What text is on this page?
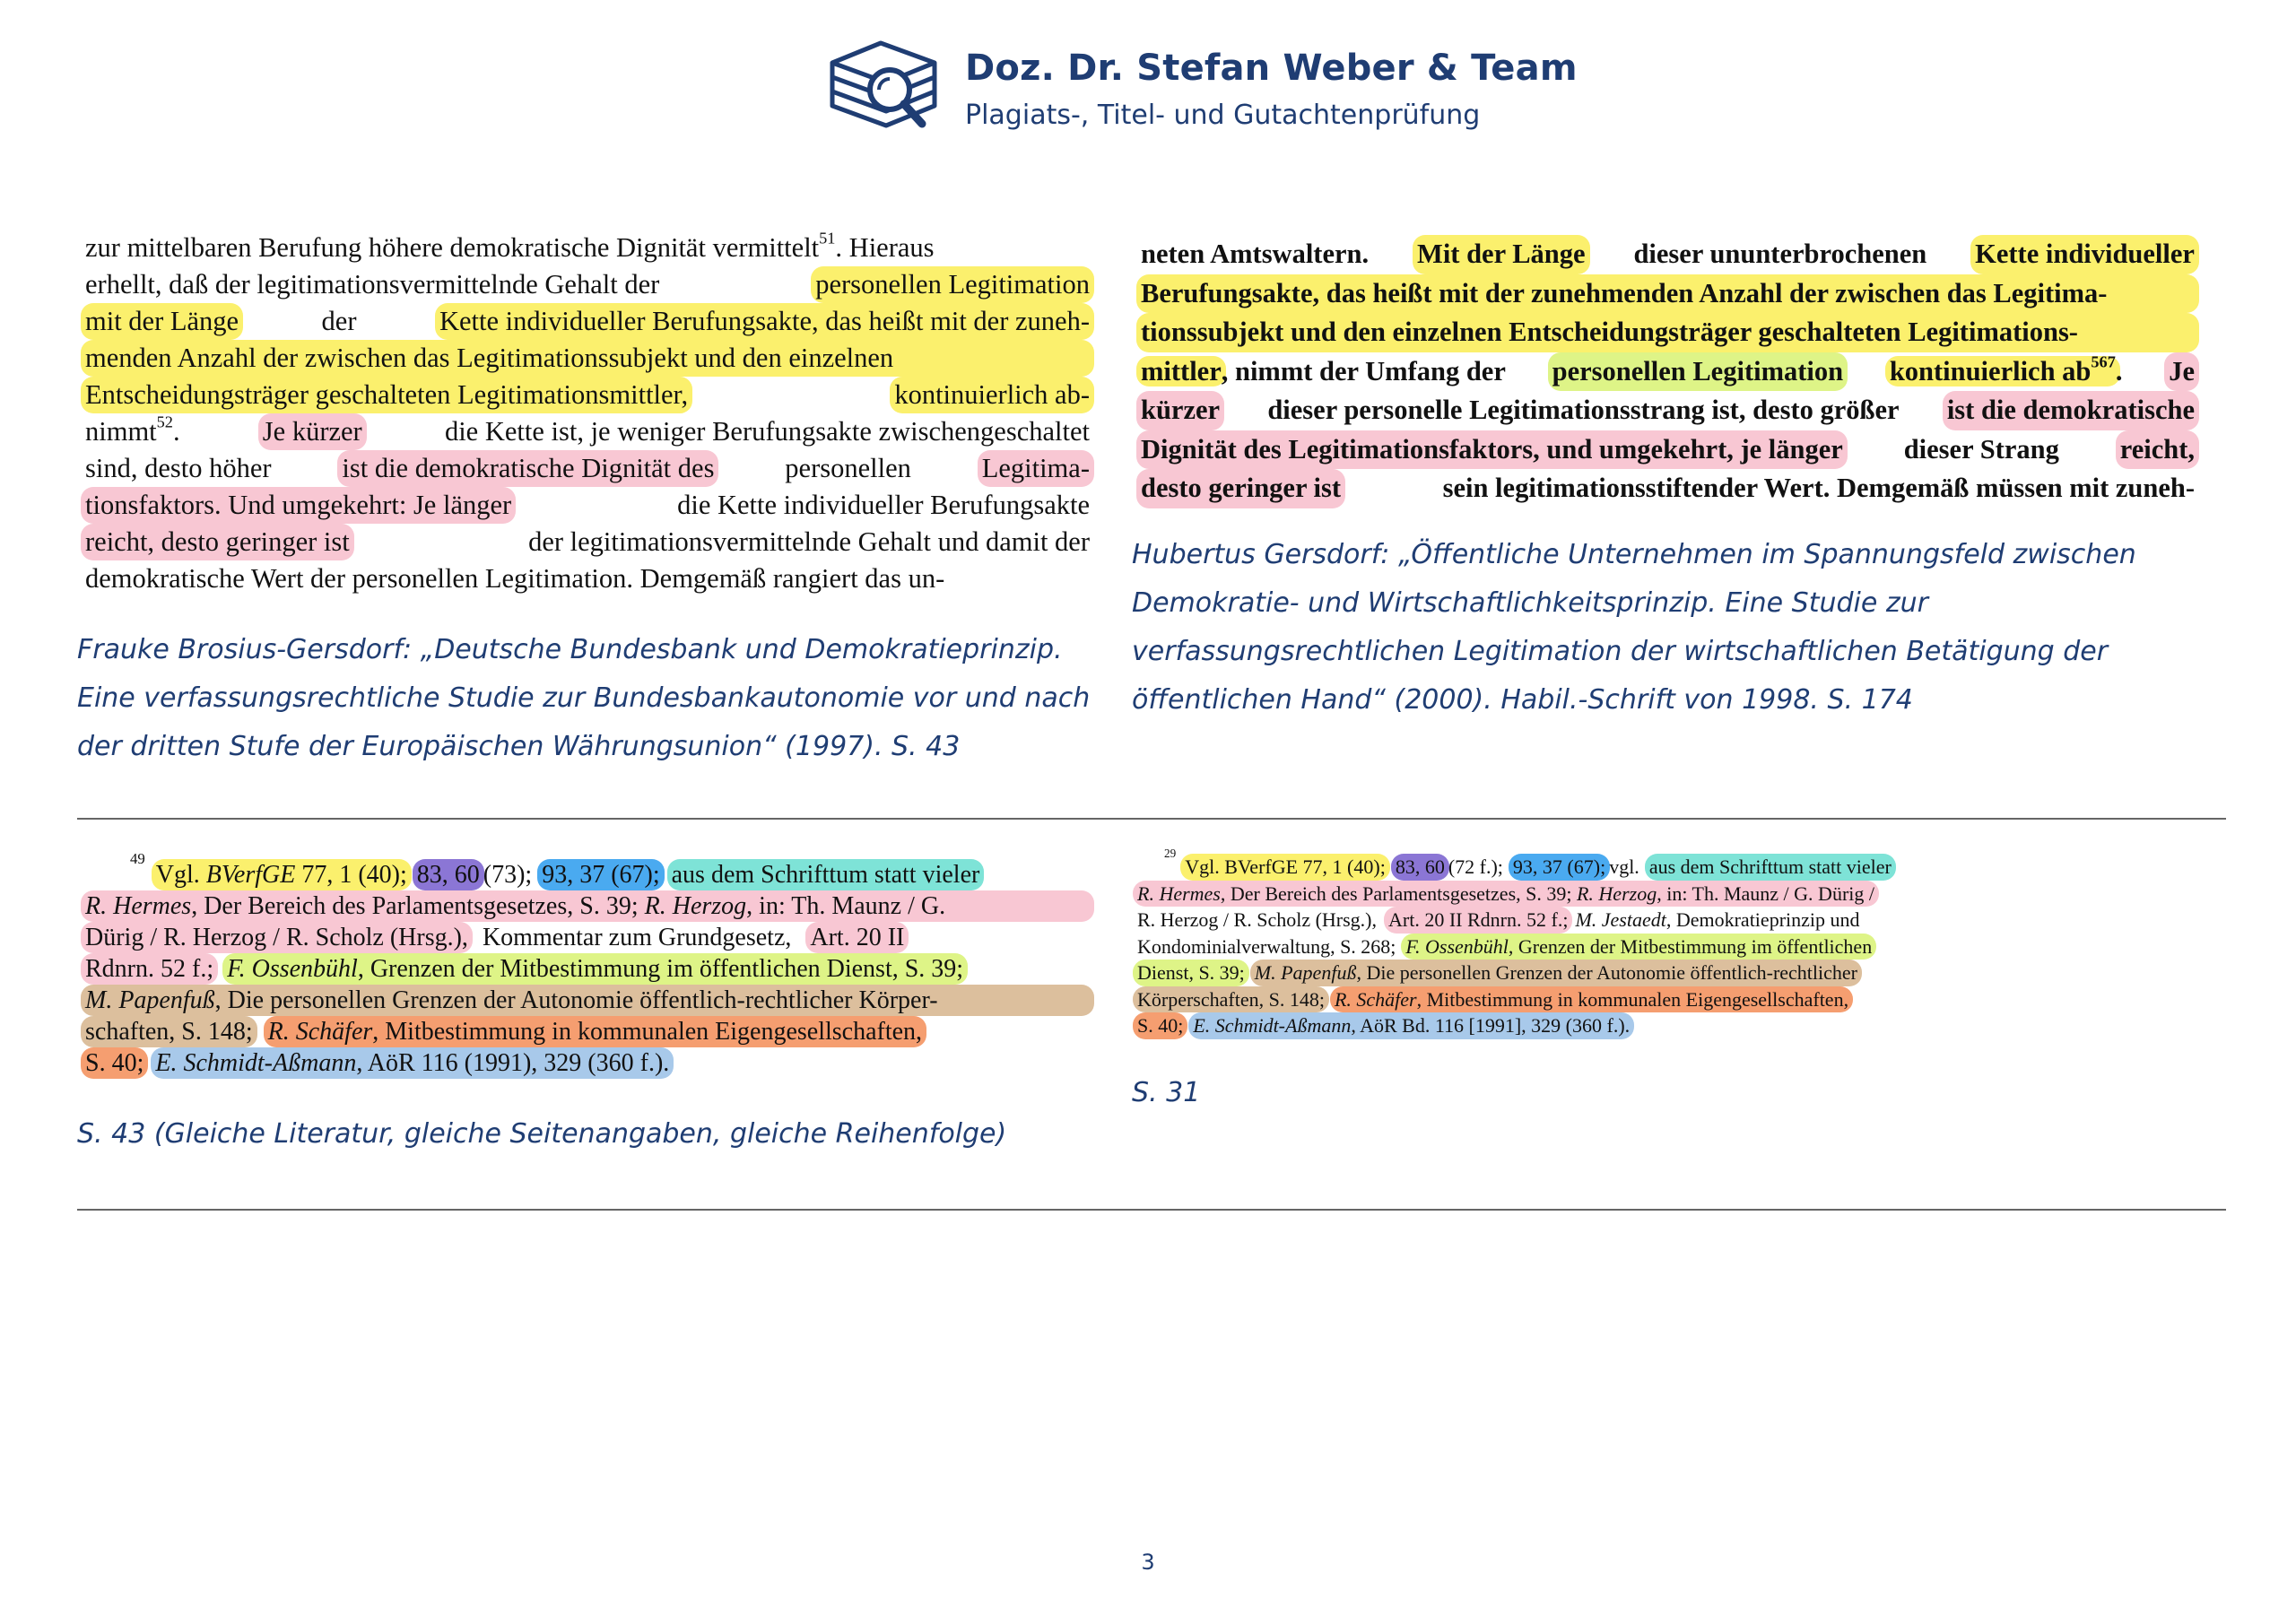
Doz. Dr. Stefan Weber & Team
Plagiats-, Titel- und Gutachtenprüfung
zur mittelbaren Berufung höhere demokratische Dignität vermittelt$^{51}$. Hieraus
erhellt, daß der legitimationsvermittelnde Gehalt der	personellen Legitimation
mit der Länge	der	Kette individueller Berufungsakte, das heißt mit der zuneh-
menden Anzahl der zwischen das Legitimationssubjekt und den einzelnen
Entscheidungsträger geschalteten Legitimationsmittler,	kontinuierlich ab-
nimmt$^{52}$.	Je kürzer	die Kette ist, je weniger Berufungsakte zwischengeschaltet
sind, desto höher	ist die demokratische Dignität des	personellen	Legitima-
tionsfaktors. Und umgekehrt: Je länger	die Kette individueller Berufungsakte
reicht, desto geringer ist	der legitimationsvermittelnde Gehalt und damit der
demokratische Wert der personellen Legitimation. Demgemäß rangiert das un-
neten Amtswaltern. Mit der Länge dieser ununterbrochenen Kette individueller
Berufungsakte, das heißt mit der zunehmenden Anzahl der zwischen das Legitima-
tionssubjekt und den einzelnen Entscheidungsträger geschalteten Legitimations-
mittler, nimmt der Umfang der personellen Legitimation kontinuierlich $ab^{567}$. Je
kürzer dieser personelle Legitimationsstrang ist, desto größer ist die demokratische
Dignität des Legitimationsfaktors, und umgekehrt, je länger dieser Strang reicht,
desto geringer ist	sein legitimationsstiftender Wert. Demgemäß müssen mit zuneh-
Frauke Brosius-Gersdorf: „Deutsche Bundesbank und Demokratieprinzip.
Eine verfassungsrechtliche Studie zur Bundesbankautonomie vor und nach
der dritten Stufe der Europäischen Währungsunion“ (1997). S. 43
Hubertus Gersdorf: „Öffentliche Unternehmen im Spannungsfeld zwischen
Demokratie- und Wirtschaftlichkeitsprinzip. Eine Studie zur
verfassungsrechtlichen Legitimation der wirtschaftlichen Betätigung der
öffentlichen Hand“ (2000). Habil.-Schrift von 1998. S. 174
49
Vgl. BVerfGE 77, 1 (40); 83, 60 (73); 93, 37 (67); aus dem Schrifttum statt vieler
R. Hermes, Der Bereich des Parlamentsgesetzes, S. 39; R. Herzog, in: Th. Maunz / G.
Dürig / R. Herzog / R. Scholz (Hrsg.), Kommentar zum Grundgesetz, Art. 20 II
Rdnrn. 52 f.; F. Ossenbühl, Grenzen der Mitbestimmung im öffentlichen Dienst, S. 39;
M. Papenfuß, Die personellen Grenzen der Autonomie öffentlich-rechtlicher Körper-
schaften, S. 148; R. Schäfer, Mitbestimmung in kommunalen Eigengesellschaften,
S. 40; E. Schmidt-Aßmann, AöR 116 (1991), 329 (360 f.).
29
Vgl. BVerfGE 77, 1 (40); 83, 60 (72 f.); 93, 37 (67); vgl. aus dem Schrifttum statt vieler
R. Hermes, Der Bereich des Parlamentsgesetzes, S. 39; R. Herzog, in: Th. Maunz / G. Dürig /
R. Herzog / R. Scholz (Hrsg.), Art. 20 II Rdnrn. 52 f.; M. Jestaedt, Demokratieprinzip und
Kondominialverwaltung, S. 268; F. Ossenbühl, Grenzen der Mitbestimmung im öffentlichen
Dienst, S. 39; M. Papenfuß, Die personellen Grenzen der Autonomie öffentlich-rechtlicher
Körperschaften, S. 148; R. Schäfer, Mitbestimmung in kommunalen Eigengesellschaften,
S. 40; E. Schmidt-Aßmann, AöR Bd. 116 [1991], 329 (360 f.).
S. 43 (Gleiche Literatur, gleiche Seitenangaben, gleiche Reihenfolge)
S. 31
3
